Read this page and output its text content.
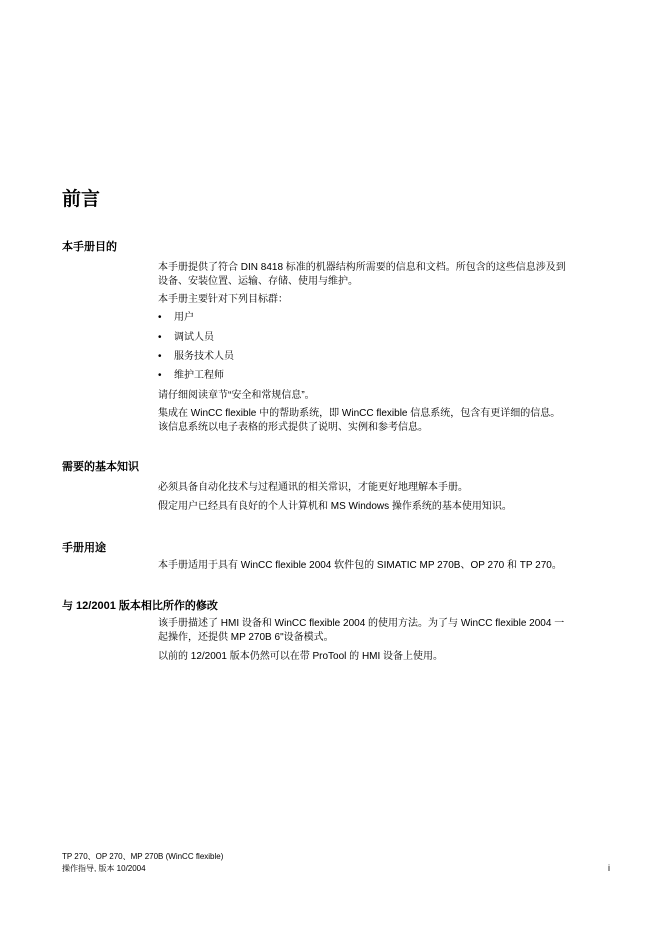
前言
本手册目的
本手册提供了符合 DIN 8418 标准的机器结构所需要的信息和文档。所包含的这些信息涉及到
设备、安装位置、运输、存储、使用与维护。
本手册主要针对下列目标群：
• 用户
• 调试人员
• 服务技术人员
• 维护工程师
请仔细阅读章节“安全和常规信息”。
集成在 WinCC flexible 中的帮助系统，即 WinCC flexible 信息系统，包含有更详细的信息。
该信息系统以电子表格的形式提供了说明、实例和参考信息。
需要的基本知识
必须具备自动化技术与过程通讯的相关常识，才能更好地理解本手册。
假定用户已经具有良好的个人计算机和 MS Windows 操作系统的基本使用知识。
手册用途
本手册适用于具有 WinCC flexible 2004 软件包的 SIMATIC MP 270B、OP 270 和 TP 270。
与 12/2001 版本相比所作的修改
该手册描述了 HMI 设备和 WinCC flexible 2004 的使用方法。为了与 WinCC flexible 2004 一
起操作，还提供 MP 270B 6"设备模式。
以前的 12/2001 版本仍然可以在带 ProTool 的 HMI 设备上使用。
TP 270、OP 270、MP 270B (WinCC flexible)
操作指导, 版本 10/2004	i
